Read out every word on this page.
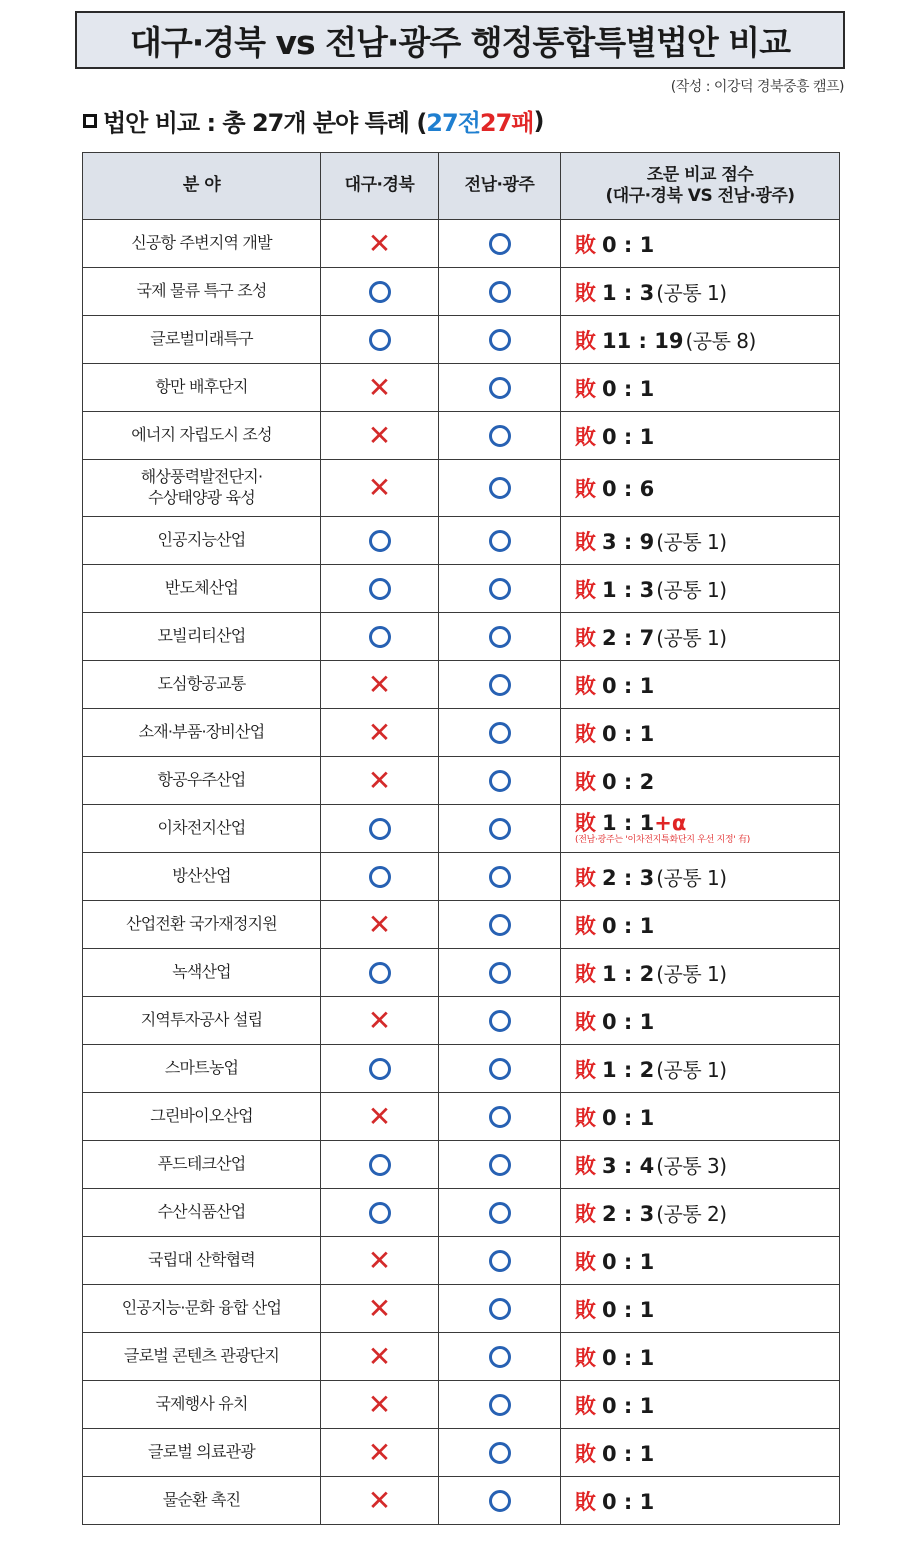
대구·경북 vs 전남·광주 행정통합특별법안 비교
(작성 : 이강덕 경북중흥 캠프)
법안 비교 : 총 27개 분야 특례 ( 27전 27패 )
분 야	대구·경북	전남·광주	조문 비교 점수
(대구·경북 VS 전남·광주)
신공항 주변지역 개발	✕		敗 0 : 1
국제 물류 특구 조성			敗 1 : 3 (공통 1)
글로벌미래특구			敗 11 : 19 (공통 8)
항만 배후단지	✕		敗 0 : 1
에너지 자립도시 조성	✕		敗 0 : 1
해상풍력발전단지·
수상태양광 육성	✕		敗 0 : 6
인공지능산업			敗 3 : 9 (공통 1)
반도체산업			敗 1 : 3 (공통 1)
모빌리티산업			敗 2 : 7 (공통 1)
도심항공교통	✕		敗 0 : 1
소재·부품·장비산업	✕		敗 0 : 1
항공우주산업	✕		敗 0 : 2
이차전지산업			敗 1 : 1+α
(전남·광주는 '이차전지특화단지 우선 지정' 有)

방산산업			敗 2 : 3 (공통 1)
산업전환 국가재정지원	✕		敗 0 : 1
녹색산업			敗 1 : 2 (공통 1)
지역투자공사 설립	✕		敗 0 : 1
스마트농업			敗 1 : 2 (공통 1)
그린바이오산업	✕		敗 0 : 1
푸드테크산업			敗 3 : 4 (공통 3)
수산식품산업			敗 2 : 3 (공통 2)
국립대 산학협력	✕		敗 0 : 1
인공지능·문화 융합 산업	✕		敗 0 : 1
글로벌 콘텐츠 관광단지	✕		敗 0 : 1
국제행사 유치	✕		敗 0 : 1
글로벌 의료관광	✕		敗 0 : 1
물순환 촉진	✕		敗 0 : 1
